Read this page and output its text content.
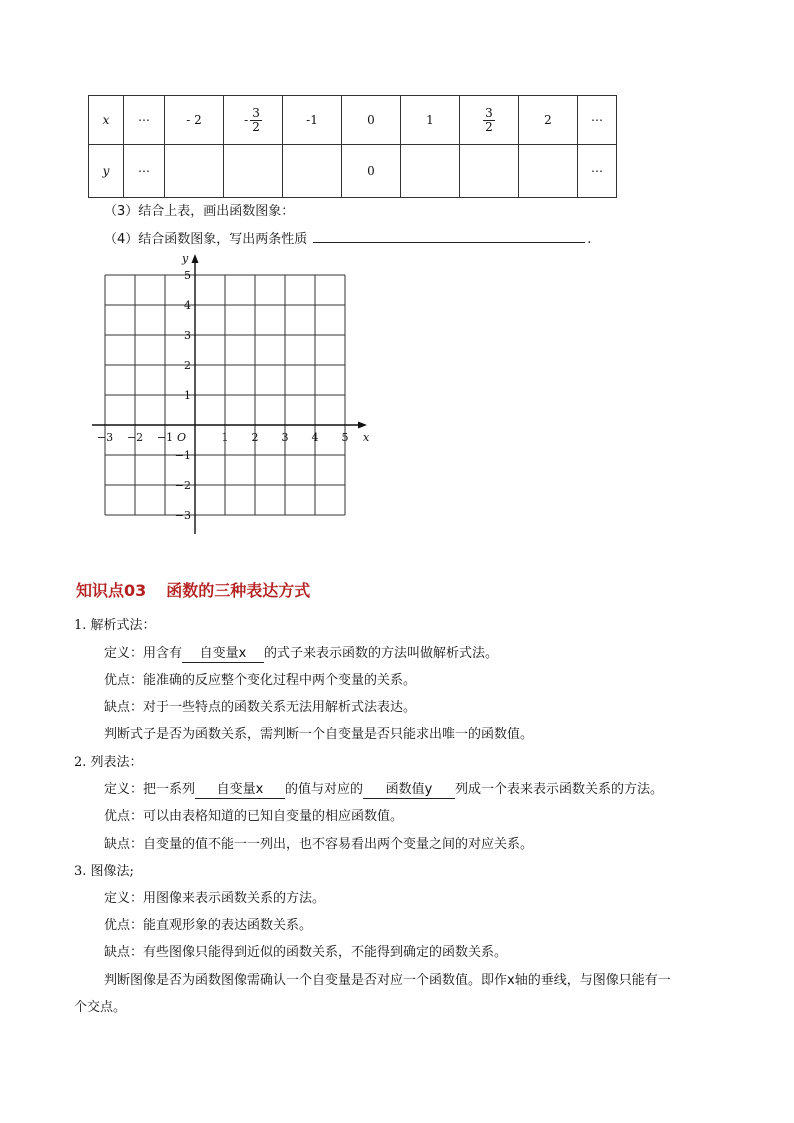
x	⋯	- 2	- $\frac{3}{2}$	-1	0	1	$\frac{3}{2}$	2	⋯
y	⋯				0				⋯
（3）结合上表，画出函数图象：
（4）结合函数图象，写出两条性质	.
x
y
O
−3 −2 −1	1 2 3 4 5
5
4
3
2
1
−1
−2
−3
知识点03 函数的三种表达方式
1. 解析式法：
定义：用含有 自变量x 的式子来表示函数的方法叫做解析式法。
优点：能准确的反应整个变化过程中两个变量的关系。
缺点：对于一些特点的函数关系无法用解析式法表达。
判断式子是否为函数关系，需判断一个自变量是否只能求出唯一的函数值。
2. 列表法：
定义：把一系列 自变量x 的值与对应的 函数值y 列成一个表来表示函数关系的方法。
优点：可以由表格知道的已知自变量的相应函数值。
缺点：自变量的值不能一一列出，也不容易看出两个变量之间的对应关系。
3. 图像法;
定义：用图像来表示函数关系的方法。
优点：能直观形象的表达函数关系。
缺点：有些图像只能得到近似的函数关系，不能得到确定的函数关系。
判断图像是否为函数图像需确认一个自变量是否对应一个函数值。即作x轴的垂线，与图像只能有一
个交点。
